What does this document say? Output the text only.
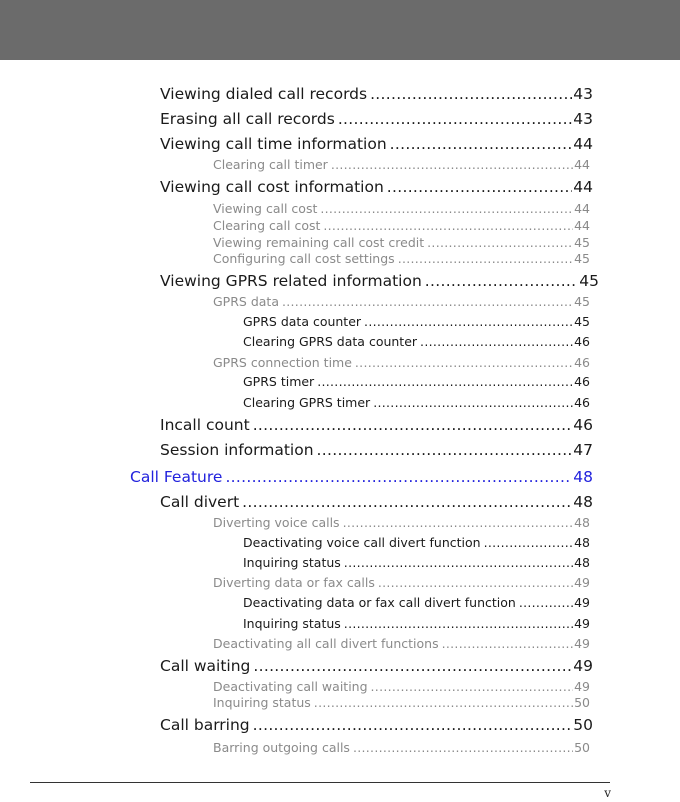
Viewing dialed call records .....	43
Erasing all call records .....	43
Viewing call time information .....	44
Clearing call timer .....	44
Viewing call cost information .....	44
Viewing call cost .....	44
Clearing call cost .....	44
Viewing remaining call cost credit .....	45
Configuring call cost settings .....	45
Viewing GPRS related information .....	45
GPRS data .....	45
GPRS data counter .....	45
Clearing GPRS data counter .....	46
GPRS connection time .....	46
GPRS timer .....	46
Clearing GPRS timer .....	46
Incall count .....	46
Session information .....	47
Call Feature .....	48
Call divert .....	48
Diverting voice calls .....	48
Deactivating voice call divert function .....	48
Inquiring status .....	48
Diverting data or fax calls .....	49
Deactivating data or fax call divert function .....	49
Inquiring status .....	49
Deactivating all call divert functions .....	49
Call waiting .....	49
Deactivating call waiting .....	49
Inquiring status .....	50
Call barring .....	50
Barring outgoing calls .....	50
v
